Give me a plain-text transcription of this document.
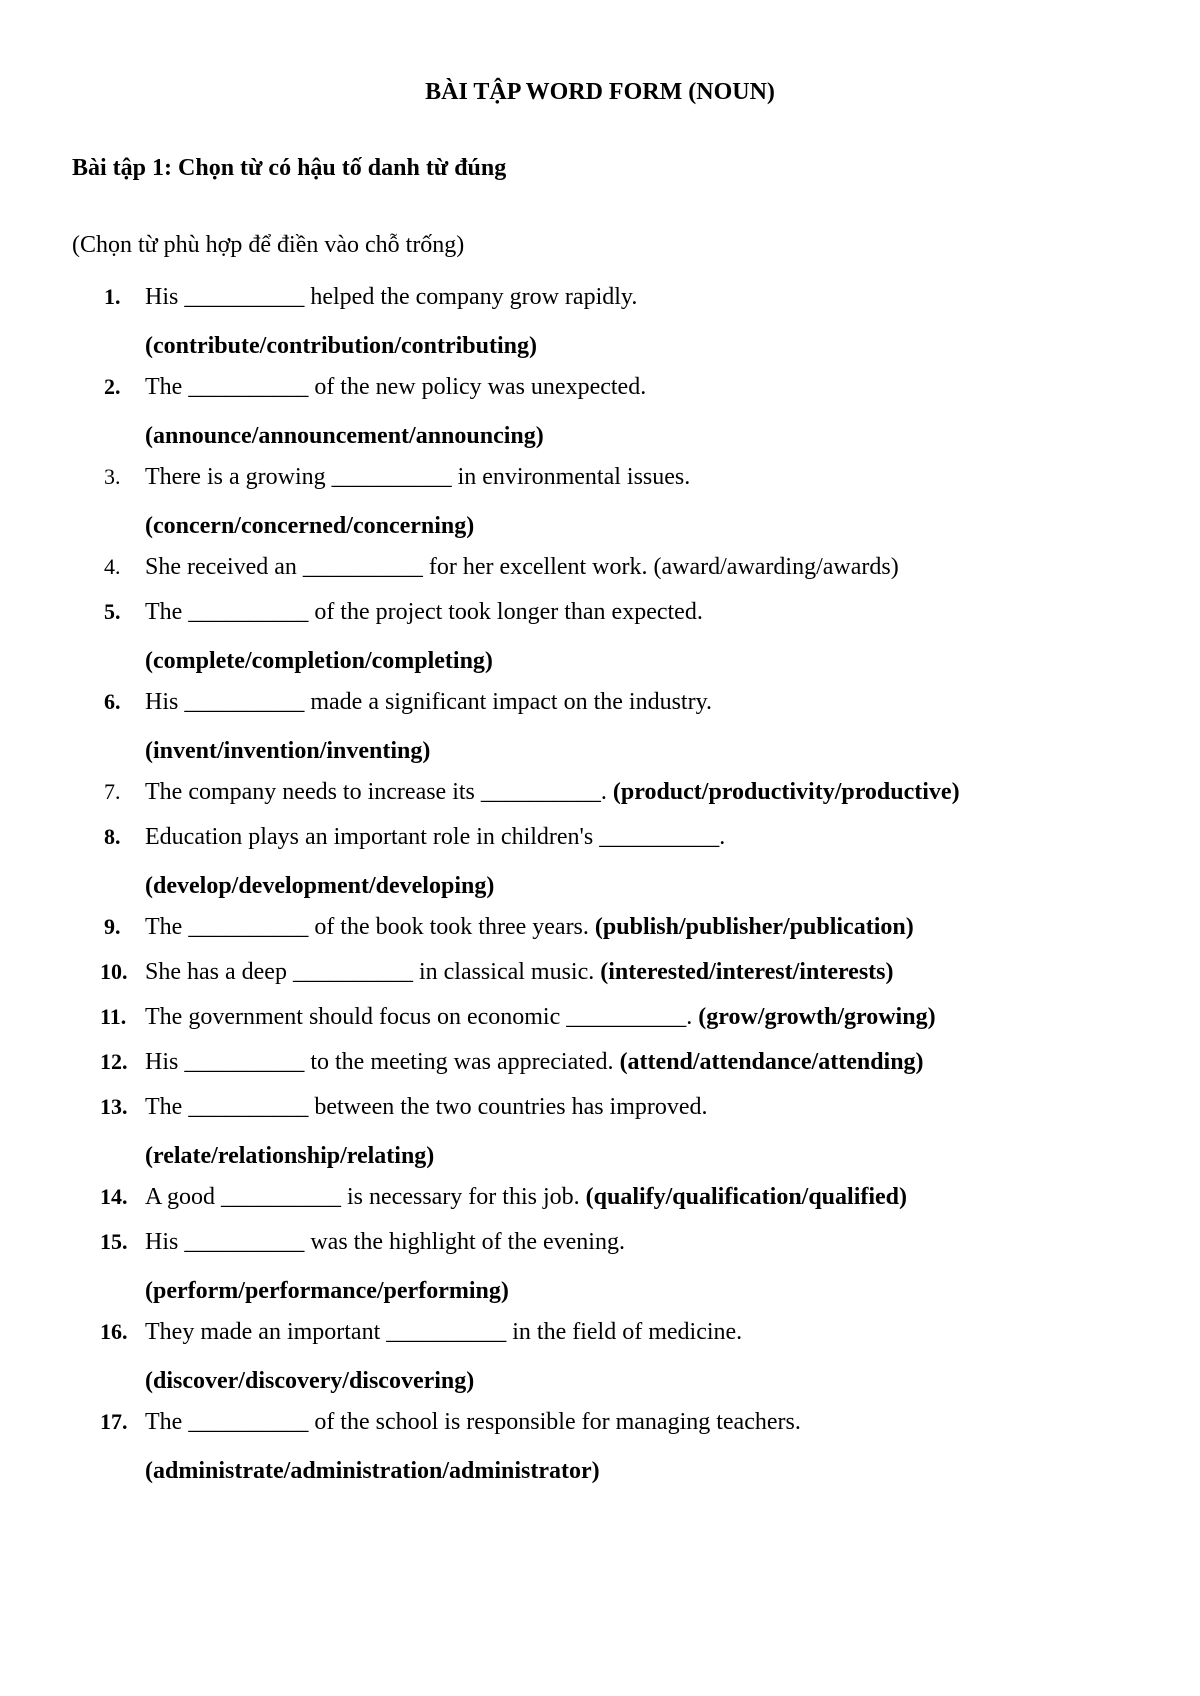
BÀI TẬP WORD FORM (NOUN)
Bài tập 1: Chọn từ có hậu tố danh từ đúng
(Chọn từ phù hợp để điền vào chỗ trống)
1. His __________ helped the company grow rapidly.
(contribute/contribution/contributing)
2. The __________ of the new policy was unexpected.
(announce/announcement/announcing)
3. There is a growing __________ in environmental issues.
(concern/concerned/concerning)
4. She received an __________ for her excellent work. (award/awarding/awards)
5. The __________ of the project took longer than expected.
(complete/completion/completing)
6. His __________ made a significant impact on the industry.
(invent/invention/inventing)
7. The company needs to increase its __________. (product/productivity/productive)
8. Education plays an important role in children's __________.
(develop/development/developing)
9. The __________ of the book took three years. (publish/publisher/publication)
10. She has a deep __________ in classical music. (interested/interest/interests)
11. The government should focus on economic __________. (grow/growth/growing)
12. His __________ to the meeting was appreciated. (attend/attendance/attending)
13. The __________ between the two countries has improved.
(relate/relationship/relating)
14. A good __________ is necessary for this job. (qualify/qualification/qualified)
15. His __________ was the highlight of the evening.
(perform/performance/performing)
16. They made an important __________ in the field of medicine.
(discover/discovery/discovering)
17. The __________ of the school is responsible for managing teachers.
(administrate/administration/administrator)
